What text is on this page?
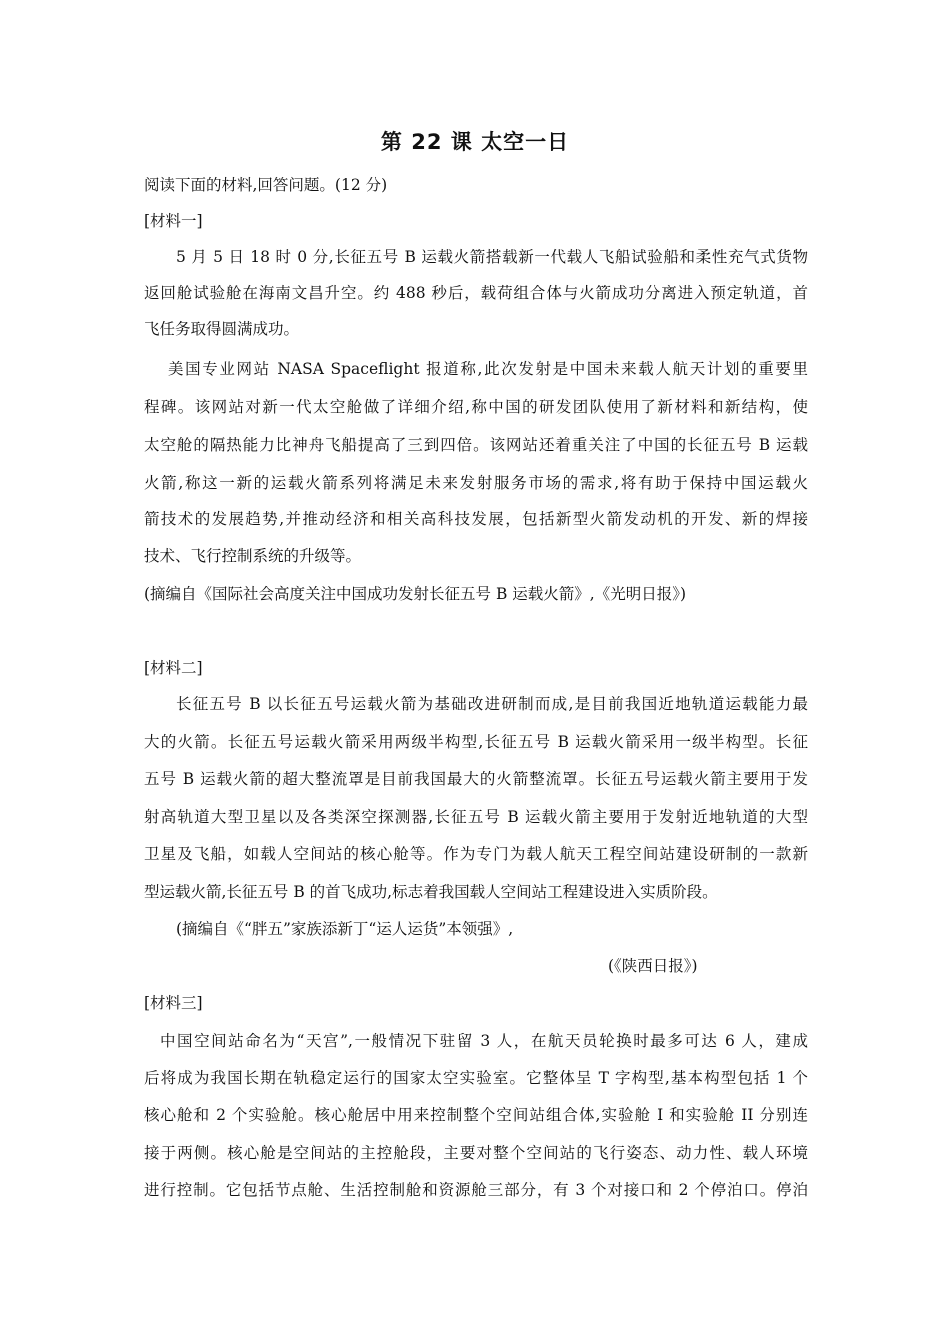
第 22 课 太空一日
阅读下面的材料,回答问题。(12 分)
[材料一]
5 月 5 日 18 时 0 分,长征五号 B 运载火箭搭载新一代载人飞船试验船和柔性充气式货物
返回舱试验舱在海南文昌升空。约 488 秒后，载荷组合体与火箭成功分离进入预定轨道，首
飞任务取得圆满成功。
美国专业网站 NASA Spaceflight 报道称,此次发射是中国未来载人航天计划的重要里
程碑。该网站对新一代太空舱做了详细介绍,称中国的研发团队使用了新材料和新结构，使
太空舱的隔热能力比神舟飞船提高了三到四倍。该网站还着重关注了中国的长征五号 B 运载
火箭,称这一新的运载火箭系列将满足未来发射服务市场的需求,将有助于保持中国运载火
箭技术的发展趋势,并推动经济和相关高科技发展，包括新型火箭发动机的开发、新的焊接
技术、飞行控制系统的升级等。
(摘编自《国际社会高度关注中国成功发射长征五号 B 运载火箭》,《光明日报》)
[材料二]
长征五号 B 以长征五号运载火箭为基础改进研制而成,是目前我国近地轨道运载能力最
大的火箭。长征五号运载火箭采用两级半构型,长征五号 B 运载火箭采用一级半构型。长征
五号 B 运载火箭的超大整流罩是目前我国最大的火箭整流罩。长征五号运载火箭主要用于发
射高轨道大型卫星以及各类深空探测器,长征五号 B 运载火箭主要用于发射近地轨道的大型
卫星及飞船，如载人空间站的核心舱等。作为专门为载人航天工程空间站建设研制的一款新
型运载火箭,长征五号 B 的首飞成功,标志着我国载人空间站工程建设进入实质阶段。
(摘编自《“胖五”家族添新丁“运人运货”本领强》,
(《陕西日报》)
[材料三]
中国空间站命名为“天宫”,一般情况下驻留 3 人，在航天员轮换时最多可达 6 人，建成
后将成为我国长期在轨稳定运行的国家太空实验室。它整体呈 T 字构型,基本构型包括 1 个
核心舱和 2 个实验舱。核心舱居中用来控制整个空间站组合体,实验舱 I 和实验舱 II 分别连
接于两侧。核心舱是空间站的主控舱段，主要对整个空间站的飞行姿态、动力性、载人环境
进行控制。它包括节点舱、生活控制舱和资源舱三部分，有 3 个对接口和 2 个停泊口。停泊
